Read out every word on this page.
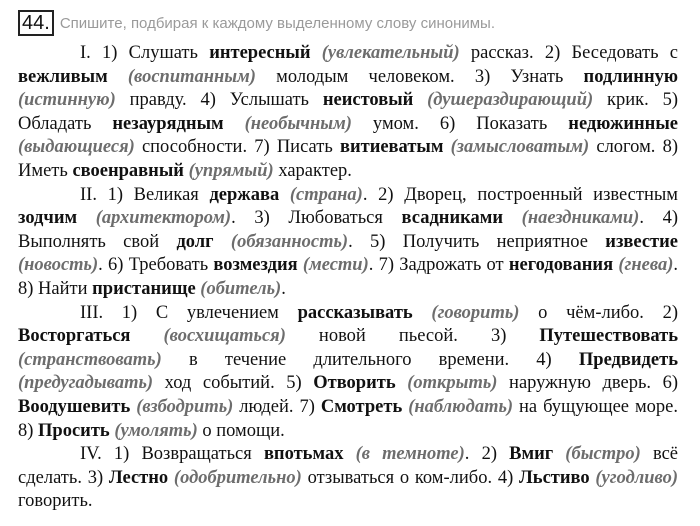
44. Спишите, подбирая к каждому выделенному слову синонимы.

I. 1) Слушать интересный (увлекательный) рассказ. 2) Беседовать с вежливым (воспитанным) молодым человеком. 3) Узнать подлинную (истинную) правду. 4) Услышать неистовый (душераздирающий) крик. 5) Обладать незаурядным (необычным) умом. 6) Показать недюжинные (выдающиеся) способности. 7) Писать витиеватым (замысловатым) слогом. 8) Иметь своенравный (упрямый) характер.

II. 1) Великая держава (страна). 2) Дворец, построенный известным зодчим (архитектором). 3) Любоваться всадниками (наездниками). 4) Выполнять свой долг (обязанность). 5) Получить неприятное известие (новость). 6) Требовать возмездия (мести). 7) Задрожать от негодования (гнева). 8) Найти пристанище (обитель).

III. 1) С увлечением рассказывать (говорить) о чём-либо. 2) Восторгаться (восхищаться) новой пьесой. 3) Путешествовать (странствовать) в течение длительного времени. 4) Предвидеть (предугадывать) ход событий. 5) Отворить (открыть) наружную дверь. 6) Воодушевить (взбодрить) людей. 7) Смотреть (наблюдать) на бущующее море. 8) Просить (умолять) о помощи.

IV. 1) Возвращаться впотьмах (в темноте). 2) Вмиг (быстро) всё сделать. 3) Лестно (одобрительно) отзываться о ком-либо. 4) Льстиво (угодливо) говорить.
